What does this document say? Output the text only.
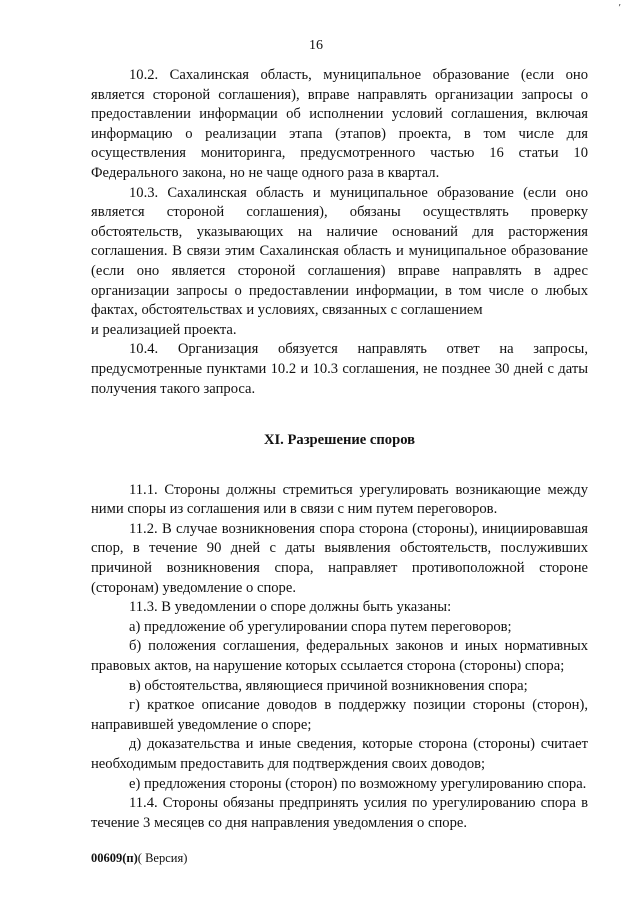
’
16

10.2. Сахалинская область, муниципальное образование (если оно является стороной соглашения), вправе направлять организации запросы о предоставлении информации об исполнении условий соглашения, включая информацию о реализации этапа (этапов) проекта, в том числе для осуществления мониторинга, предусмотренного частью 16 статьи 10 Федерального закона, но не чаще одного раза в квартал.

10.3. Сахалинская область и муниципальное образование (если оно является стороной соглашения), обязаны осуществлять проверку обстоятельств, указывающих на наличие оснований для расторжения соглашения. В связи этим Сахалинская область и муниципальное образование (если оно является стороной соглашения) вправе направлять в адрес организации запросы о предоставлении информации, в том числе о любых фактах, обстоятельствах и условиях, связанных с соглашением

и реализацией проекта.

10.4. Организация обязуется направлять ответ на запросы, предусмотренные пунктами 10.2 и 10.3 соглашения, не позднее 30 дней с даты получения такого запроса.

XI. Разрешение споров

11.1. Стороны должны стремиться урегулировать возникающие между ними споры из соглашения или в связи с ним путем переговоров.

11.2. В случае возникновения спора сторона (стороны), инициировавшая спор, в течение 90 дней с даты выявления обстоятельств, послуживших причиной возникновения спора, направляет противоположной стороне (сторонам) уведомление о споре.

11.3. В уведомлении о споре должны быть указаны:

а) предложение об урегулировании спора путем переговоров;

б) положения соглашения, федеральных законов и иных нормативных правовых актов, на нарушение которых ссылается сторона (стороны) спора;

в) обстоятельства, являющиеся причиной возникновения спора;

г) краткое описание доводов в поддержку позиции стороны (сторон), направившей уведомление о споре;

д) доказательства и иные сведения, которые сторона (стороны) считает необходимым предоставить для подтверждения своих доводов;

е) предложения стороны (сторон) по возможному урегулированию спора.

11.4. Стороны обязаны предпринять усилия по урегулированию спора в течение 3 месяцев со дня направления уведомления о споре.

00609(п)( Версия)
